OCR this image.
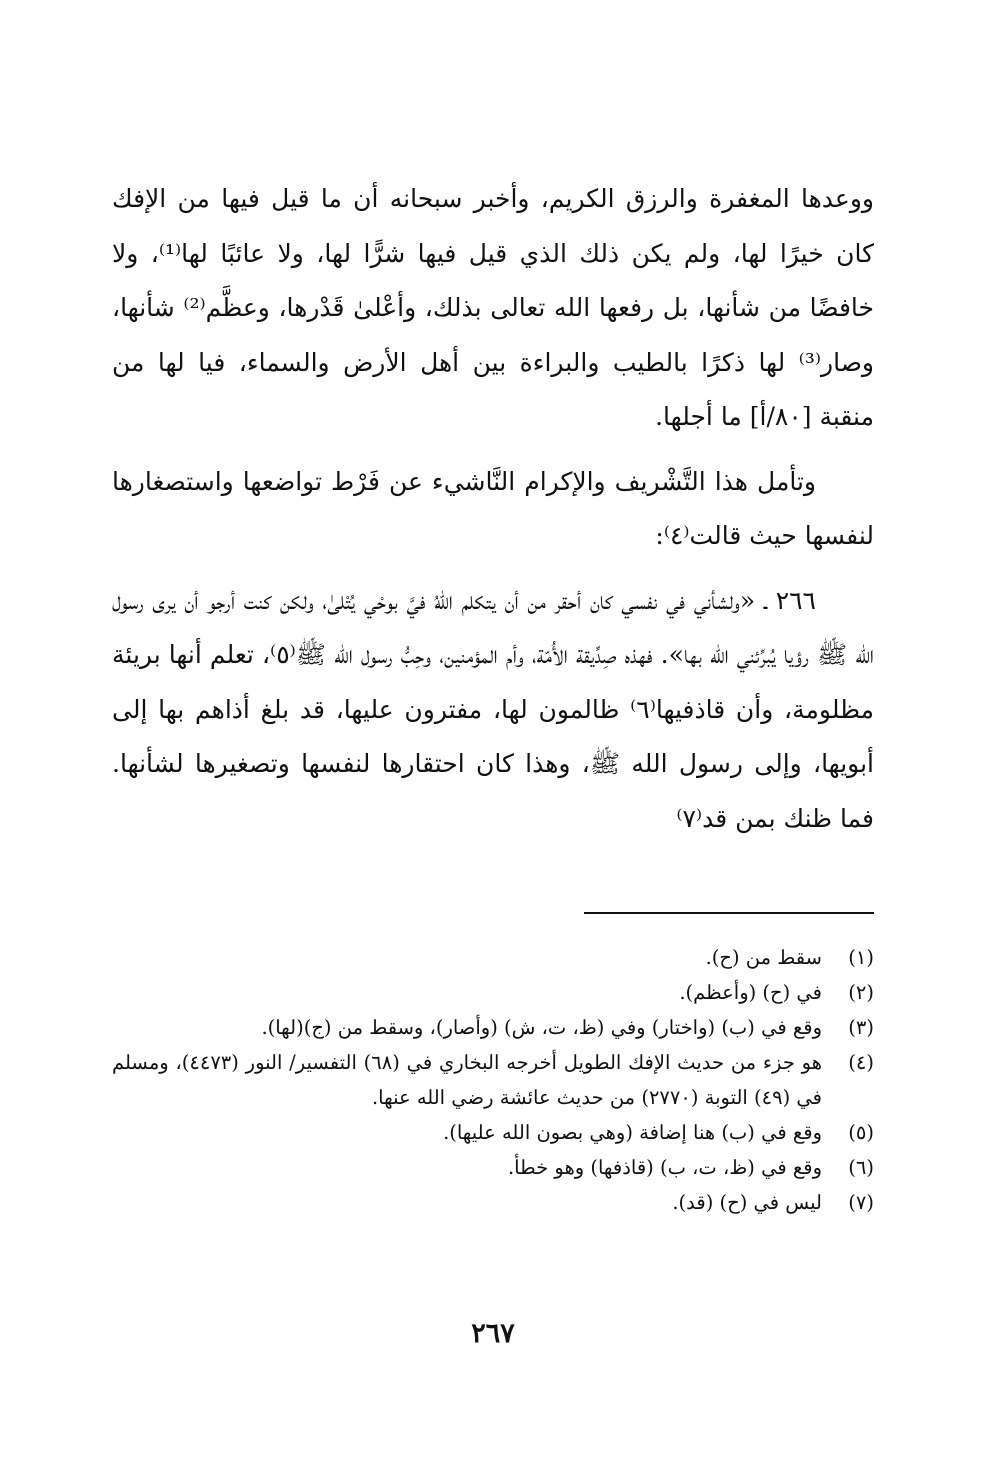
ووعدها المغفرة والرزق الكريم، وأخبر سبحانه أن ما قيل فيها من الإفك كان خيرًا لها، ولم يكن ذلك الذي قيل فيها شرًّا لها، ولا عائبًا لها⁽¹⁾، ولا خافضًا من شأنها، بل رفعها الله تعالى بذلك، وأعْلىٰ قَدْرها، وعظَّم⁽²⁾ شأنها، وصار⁽³⁾ لها ذكرًا بالطيب والبراءة بين أهل الأرض والسماء، فيا لها من منقبة [٨٠/أ] ما أجلها.

وتأمل هذا التَّشْريف والإكرام النَّاشيء عن فَرْط تواضعها واستصغارها لنفسها حيث قالت⁽٤⁾:

٢٦٦ ـ «ولشأني في نفسي كان أحقر من أن يتكلم اللهُ فيَّ بوحْي يُتْلىٰ، ولكن كنت أرجو أن يرى رسول الله ﷺ رؤيا يُبرِّئني الله بها». فهذه صِدِّيقة الأُمّة، وأم المؤمنين، وحِبُّ رسول الله ﷺ⁽٥⁾، تعلم أنها بريئة مظلومة، وأن قاذفيها⁽٦⁾ ظالمون لها، مفترون عليها، قد بلغ أذاهم بها إلى أبويها، وإلى رسول الله ﷺ، وهذا كان احتقارها لنفسها وتصغيرها لشأنها. فما ظنك بمن قد⁽٧⁾

(١)
سقط من (ح).
(٢)
في (ح) (وأعظم).
(٣)
وقع في (ب) (واختار) وفي (ظ، ت، ش) (وأصار)، وسقط من (ج)(لها).
(٤)
هو جزء من حديث الإفك الطويل أخرجه البخاري في (٦٨) التفسير/ النور (٤٤٧٣)، ومسلم في (٤٩) التوبة (٢٧٧٠) من حديث عائشة رضي الله عنها.
(٥)
وقع في (ب) هنا إضافة (وهي بصون الله عليها).
(٦)
وقع في (ظ، ت، ب) (قاذفها) وهو خطأ.
(٧)
ليس في (ح) (قد).
٢٦٧
